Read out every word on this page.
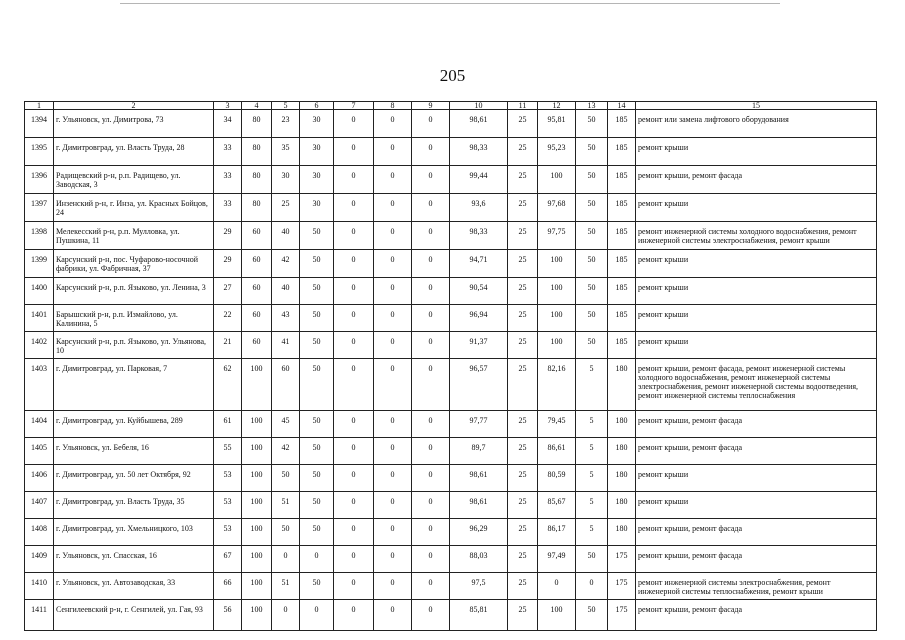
205
1	2	3	4	5	6	7	8	9	10	11	12	13	14	15
1394	г. Ульяновск, ул. Димитрова, 73	34	80	23	30	0	0	0	98,61	25	95,81	50	185	ремонт или замена лифтового оборудования
1395	г. Димитровград, ул. Власть Труда, 28	33	80	35	30	0	0	0	98,33	25	95,23	50	185	ремонт крыши
1396	Радищевский р-н, р.п. Радищево, ул. Заводская, 3	33	80	30	30	0	0	0	99,44	25	100	50	185	ремонт крыши, ремонт фасада
1397	Инзенский р-н, г. Инза, ул. Красных Бойцов, 24	33	80	25	30	0	0	0	93,6	25	97,68	50	185	ремонт крыши
1398	Мелекесский р-н, р.п. Мулловка, ул. Пушкина, 11	29	60	40	50	0	0	0	98,33	25	97,75	50	185	ремонт инженерной системы холодного водоснабжения, ремонт инженерной системы электроснабжения, ремонт крыши
1399	Карсунский р-н, пос. Чуфарово-носочной фабрики, ул. Фабричная, 37	29	60	42	50	0	0	0	94,71	25	100	50	185	ремонт крыши
1400	Карсунский р-н, р.п. Языково, ул. Ленина, 3	27	60	40	50	0	0	0	90,54	25	100	50	185	ремонт крыши
1401	Барышский р-н, р.п. Измайлово, ул. Калинина, 5	22	60	43	50	0	0	0	96,94	25	100	50	185	ремонт крыши
1402	Карсунский р-н, р.п. Языково, ул. Ульянова, 10	21	60	41	50	0	0	0	91,37	25	100	50	185	ремонт крыши
1403	г. Димитровград, ул. Парковая, 7	62	100	60	50	0	0	0	96,57	25	82,16	5	180	ремонт крыши, ремонт фасада, ремонт инженерной системы холодного водоснабжения, ремонт инженерной системы электроснабжения, ремонт инженерной системы водоотведения, ремонт инженерной системы теплоснабжения
1404	г. Димитровград, ул. Куйбышева, 289	61	100	45	50	0	0	0	97,77	25	79,45	5	180	ремонт крыши, ремонт фасада
1405	г. Ульяновск, ул. Бебеля, 16	55	100	42	50	0	0	0	89,7	25	86,61	5	180	ремонт крыши, ремонт фасада
1406	г. Димитровград, ул. 50 лет Октября, 92	53	100	50	50	0	0	0	98,61	25	80,59	5	180	ремонт крыши
1407	г. Димитровград, ул. Власть Труда, 35	53	100	51	50	0	0	0	98,61	25	85,67	5	180	ремонт крыши
1408	г. Димитровград, ул. Хмельницкого, 103	53	100	50	50	0	0	0	96,29	25	86,17	5	180	ремонт крыши, ремонт фасада
1409	г. Ульяновск, ул. Спасская, 16	67	100	0	0	0	0	0	88,03	25	97,49	50	175	ремонт крыши, ремонт фасада
1410	г. Ульяновск, ул. Автозаводская, 33	66	100	51	50	0	0	0	97,5	25	0	0	175	ремонт инженерной системы электроснабжения, ремонт инженерной системы теплоснабжения, ремонт крыши
1411	Сенгилеевский р-н, г. Сенгилей, ул. Гая, 93	56	100	0	0	0	0	0	85,81	25	100	50	175	ремонт крыши, ремонт фасада
